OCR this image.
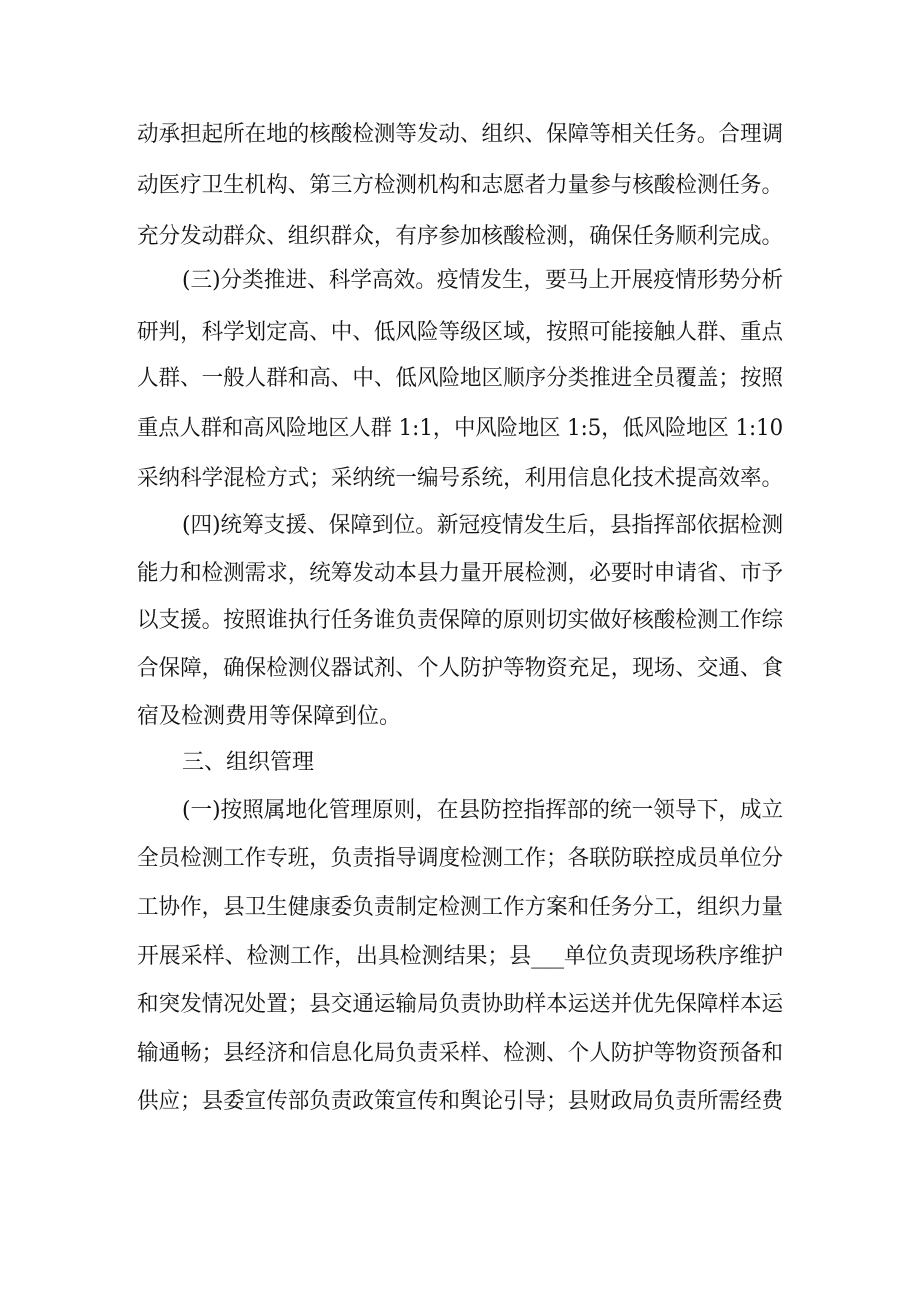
动承担起所在地的核酸检测等发动、组织、保障等相关任务。合理调
动医疗卫生机构、第三方检测机构和志愿者力量参与核酸检测任务。
充分发动群众、组织群众，有序参加核酸检测，确保任务顺利完成。
(三)分类推进、科学高效。疫情发生，要马上开展疫情形势分析
研判，科学划定高、中、低风险等级区域，按照可能接触人群、重点
人群、一般人群和高、中、低风险地区顺序分类推进全员覆盖；按照
重点人群和高风险地区人群 1:1，中风险地区 1:5，低风险地区 1:10
采纳科学混检方式；采纳统一编号系统，利用信息化技术提高效率。
(四)统筹支援、保障到位。新冠疫情发生后，县指挥部依据检测
能力和检测需求，统筹发动本县力量开展检测，必要时申请省、市予
以支援。按照谁执行任务谁负责保障的原则切实做好核酸检测工作综
合保障，确保检测仪器试剂、个人防护等物资充足，现场、交通、食
宿及检测费用等保障到位。
三、组织管理
(一)按照属地化管理原则，在县防控指挥部的统一领导下，成立
全员检测工作专班，负责指导调度检测工作；各联防联控成员单位分
工协作，县卫生健康委负责制定检测工作方案和任务分工，组织力量
开展采样、检测工作，出具检测结果；县___单位负责现场秩序维护
和突发情况处置；县交通运输局负责协助样本运送并优先保障样本运
输通畅；县经济和信息化局负责采样、检测、个人防护等物资预备和
供应；县委宣传部负责政策宣传和舆论引导；县财政局负责所需经费
